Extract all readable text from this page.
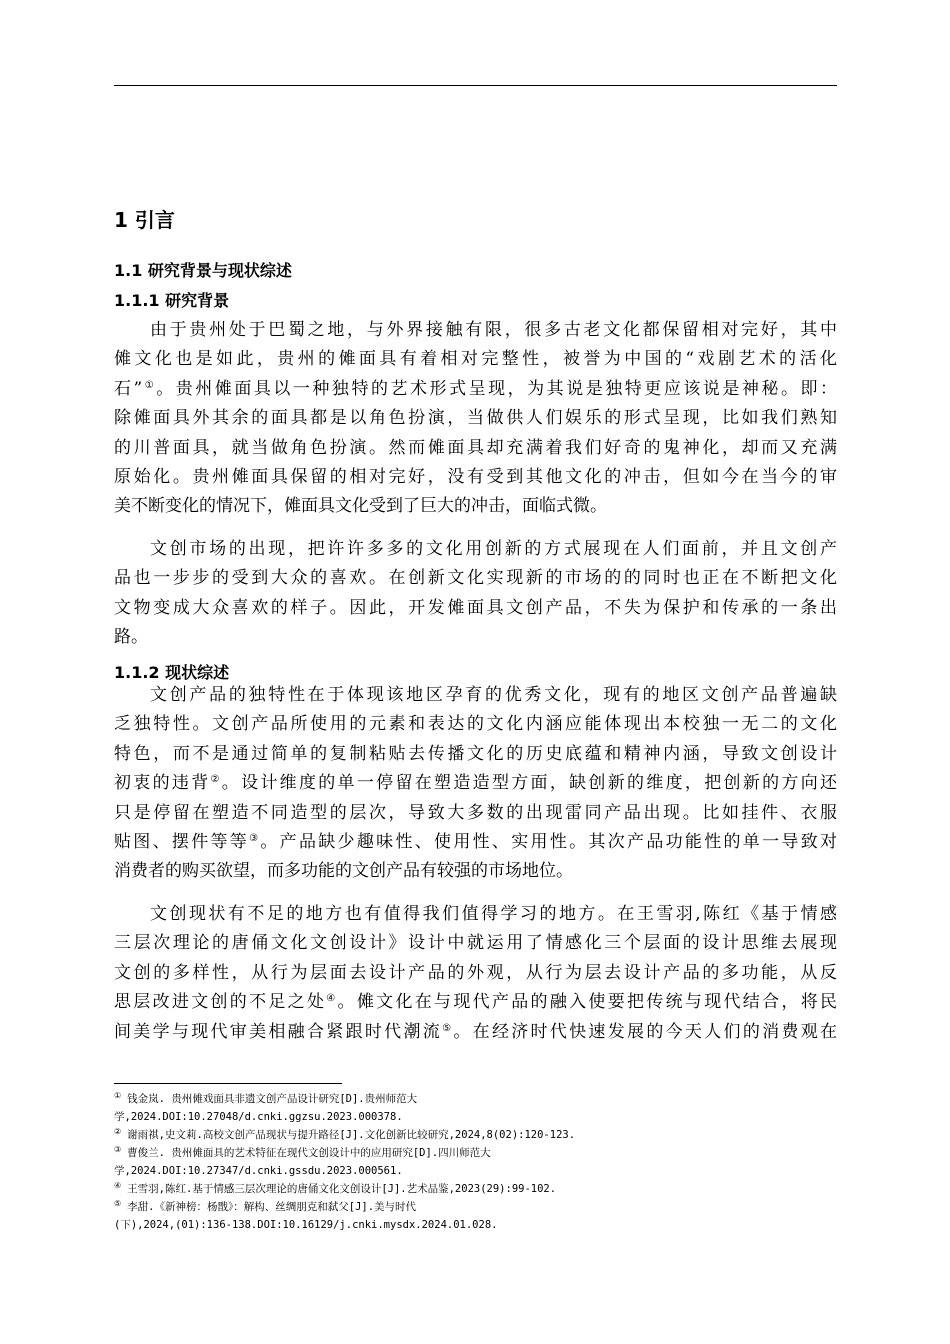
1 引言
1.1 研究背景与现状综述
1.1.1 研究背景
由于贵州处于巴蜀之地，与外界接触有限，很多古老文化都保留相对完好，其中
傩文化也是如此，贵州的傩面具有着相对完整性，被誉为中国的“戏剧艺术的活化
石”①。贵州傩面具以一种独特的艺术形式呈现，为其说是独特更应该说是神秘。即：
除傩面具外其余的面具都是以角色扮演，当做供人们娱乐的形式呈现，比如我们熟知
的川普面具，就当做角色扮演。然而傩面具却充满着我们好奇的鬼神化，却而又充满
原始化。贵州傩面具保留的相对完好，没有受到其他文化的冲击，但如今在当今的审
美不断变化的情况下，傩面具文化受到了巨大的冲击，面临式微。
文创市场的出现，把许许多多的文化用创新的方式展现在人们面前，并且文创产
品也一步步的受到大众的喜欢。在创新文化实现新的市场的的同时也正在不断把文化
文物变成大众喜欢的样子。因此，开发傩面具文创产品，不失为保护和传承的一条出
路。
1.1.2 现状综述
文创产品的独特性在于体现该地区孕育的优秀文化，现有的地区文创产品普遍缺
乏独特性。文创产品所使用的元素和表达的文化内涵应能体现出本校独一无二的文化
特色，而不是通过简单的复制粘贴去传播文化的历史底蕴和精神内涵，导致文创设计
初衷的违背②。设计维度的单一停留在塑造造型方面，缺创新的维度，把创新的方向还
只是停留在塑造不同造型的层次，导致大多数的出现雷同产品出现。比如挂件、衣服
贴图、摆件等等③。产品缺少趣味性、使用性、实用性。其次产品功能性的单一导致对
消费者的购买欲望，而多功能的文创产品有较强的市场地位。
文创现状有不足的地方也有值得我们值得学习的地方。在王雪羽,陈红《基于情感
三层次理论的唐俑文化文创设计》设计中就运用了情感化三个层面的设计思维去展现
文创的多样性，从行为层面去设计产品的外观，从行为层去设计产品的多功能，从反
思层改进文创的不足之处④。傩文化在与现代产品的融入使要把传统与现代结合，将民
间美学与现代审美相融合紧跟时代潮流⑤。在经济时代快速发展的今天人们的消费观在
① 钱金岚. 贵州傩戏面具非遗文创产品设计研究[D].贵州师范大
学,2024.DOI:10.27048/d.cnki.ggzsu.2023.000378.
② 谢雨祺,史文莉.高校文创产品现状与提升路径[J].文化创新比较研究,2024,8(02):120-123.
③ 曹俊兰. 贵州傩面具的艺术特征在现代文创设计中的应用研究[D].四川师范大
学,2024.DOI:10.27347/d.cnki.gssdu.2023.000561.
④ 王雪羽,陈红.基于情感三层次理论的唐俑文化文创设计[J].艺术品鉴,2023(29):99-102.
⑤ 李甜.《新神榜：杨戬》：解构、丝绸朋克和弑父[J].美与时代
(下),2024,(01):136-138.DOI:10.16129/j.cnki.mysdx.2024.01.028.
